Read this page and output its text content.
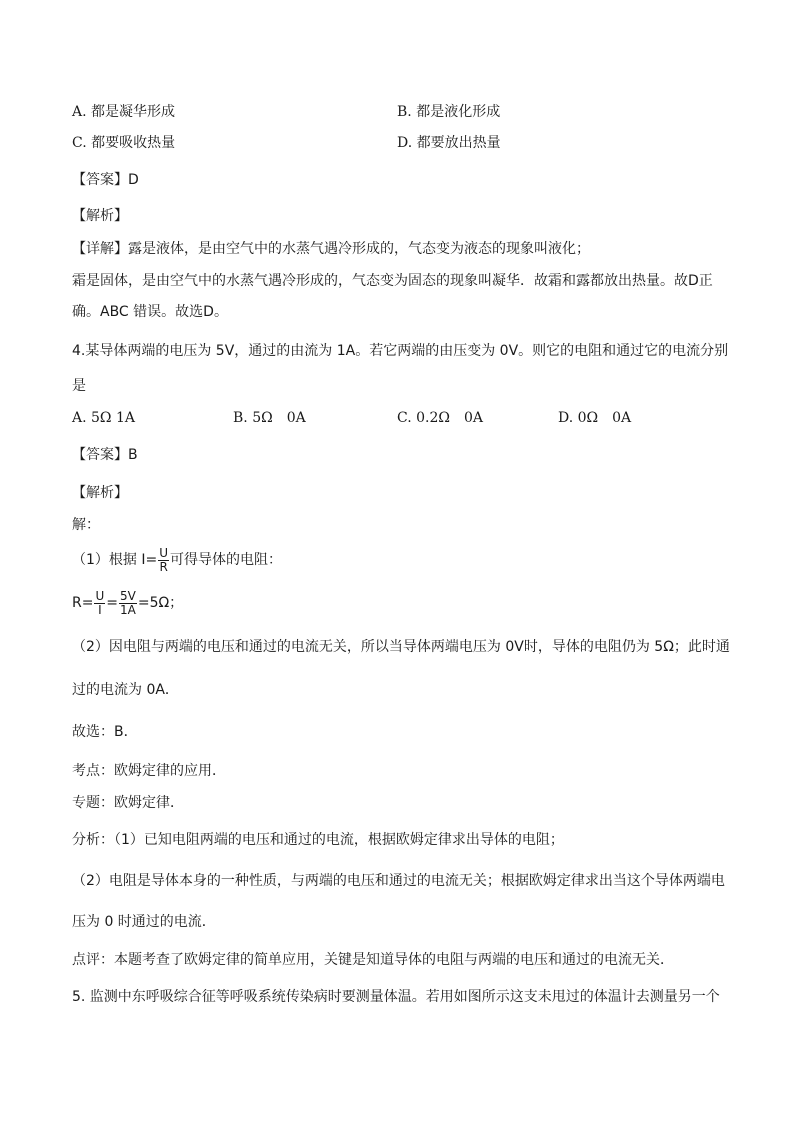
A. 都是凝华形成	B. 都是液化形成
C. 都要吸收热量	D. 都要放出热量
【答案】D
【解析】
【详解】露是液体，是由空气中的水蒸气遇冷形成的，气态变为液态的现象叫液化；
霜是固体，是由空气中的水蒸气遇冷形成的，气态变为固态的现象叫凝华．故霜和露都放出热量。故D正
确。ABC 错误。故选D。
4.某导体两端的电压为 5V，通过的由流为 1A。若它两端的由压变为 0V。则它的电阻和通过它的电流分别
是
A. 5Ω 1A	B. 5Ω　0A	C. 0.2Ω　0A	D. 0Ω　0A
【答案】B
【解析】
解：
（1）根据 $I= \frac{U}{R}$ 可得导体的电阻：
$R= \frac{U}{I} = \frac{5V}{1A} =5\Omega$；
（2）因电阻与两端的电压和通过的电流无关，所以当导体两端电压为 0V时，导体的电阻仍为 5Ω；此时通
过的电流为 0A．
故选：B．
考点：欧姆定律的应用．
专题：欧姆定律．
分析：（1）已知电阻两端的电压和通过的电流，根据欧姆定律求出导体的电阻；
（2）电阻是导体本身的一种性质，与两端的电压和通过的电流无关；根据欧姆定律求出当这个导体两端电
压为 0 时通过的电流．
点评：本题考查了欧姆定律的简单应用，关键是知道导体的电阻与两端的电压和通过的电流无关．
5. 监测中东呼吸综合征等呼吸系统传染病时要测量体温。若用如图所示这支未甩过的体温计去测量另一个
